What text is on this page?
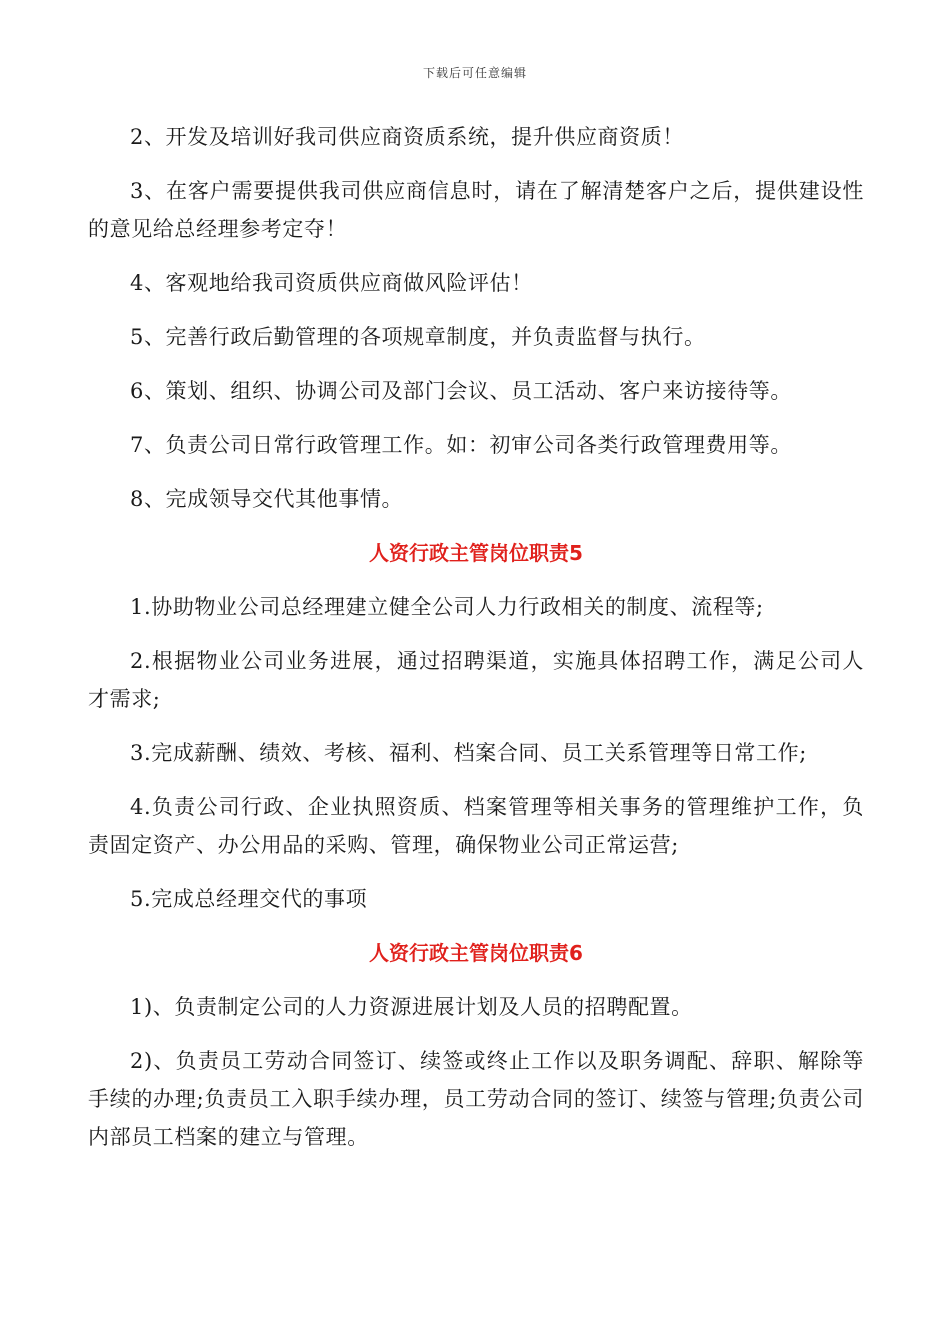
下载后可任意编辑

2、开发及培训好我司供应商资质系统，提升供应商资质！

3、在客户需要提供我司供应商信息时，请在了解清楚客户之后，提供建设性的意见给总经理参考定夺！

4、客观地给我司资质供应商做风险评估！

5、完善行政后勤管理的各项规章制度，并负责监督与执行。

6、策划、组织、协调公司及部门会议、员工活动、客户来访接待等。

7、负责公司日常行政管理工作。如：初审公司各类行政管理费用等。

8、完成领导交代其他事情。

人资行政主管岗位职责5

1.协助物业公司总经理建立健全公司人力行政相关的制度、流程等;

2.根据物业公司业务进展，通过招聘渠道，实施具体招聘工作，满足公司人才需求;

3.完成薪酬、绩效、考核、福利、档案合同、员工关系管理等日常工作;

4.负责公司行政、企业执照资质、档案管理等相关事务的管理维护工作，负责固定资产、办公用品的采购、管理，确保物业公司正常运营;

5.完成总经理交代的事项

人资行政主管岗位职责6

1)、负责制定公司的人力资源进展计划及人员的招聘配置。

2)、负责员工劳动合同签订、续签或终止工作以及职务调配、辞职、解除等手续的办理;负责员工入职手续办理，员工劳动合同的签订、续签与管理;负责公司内部员工档案的建立与管理。
